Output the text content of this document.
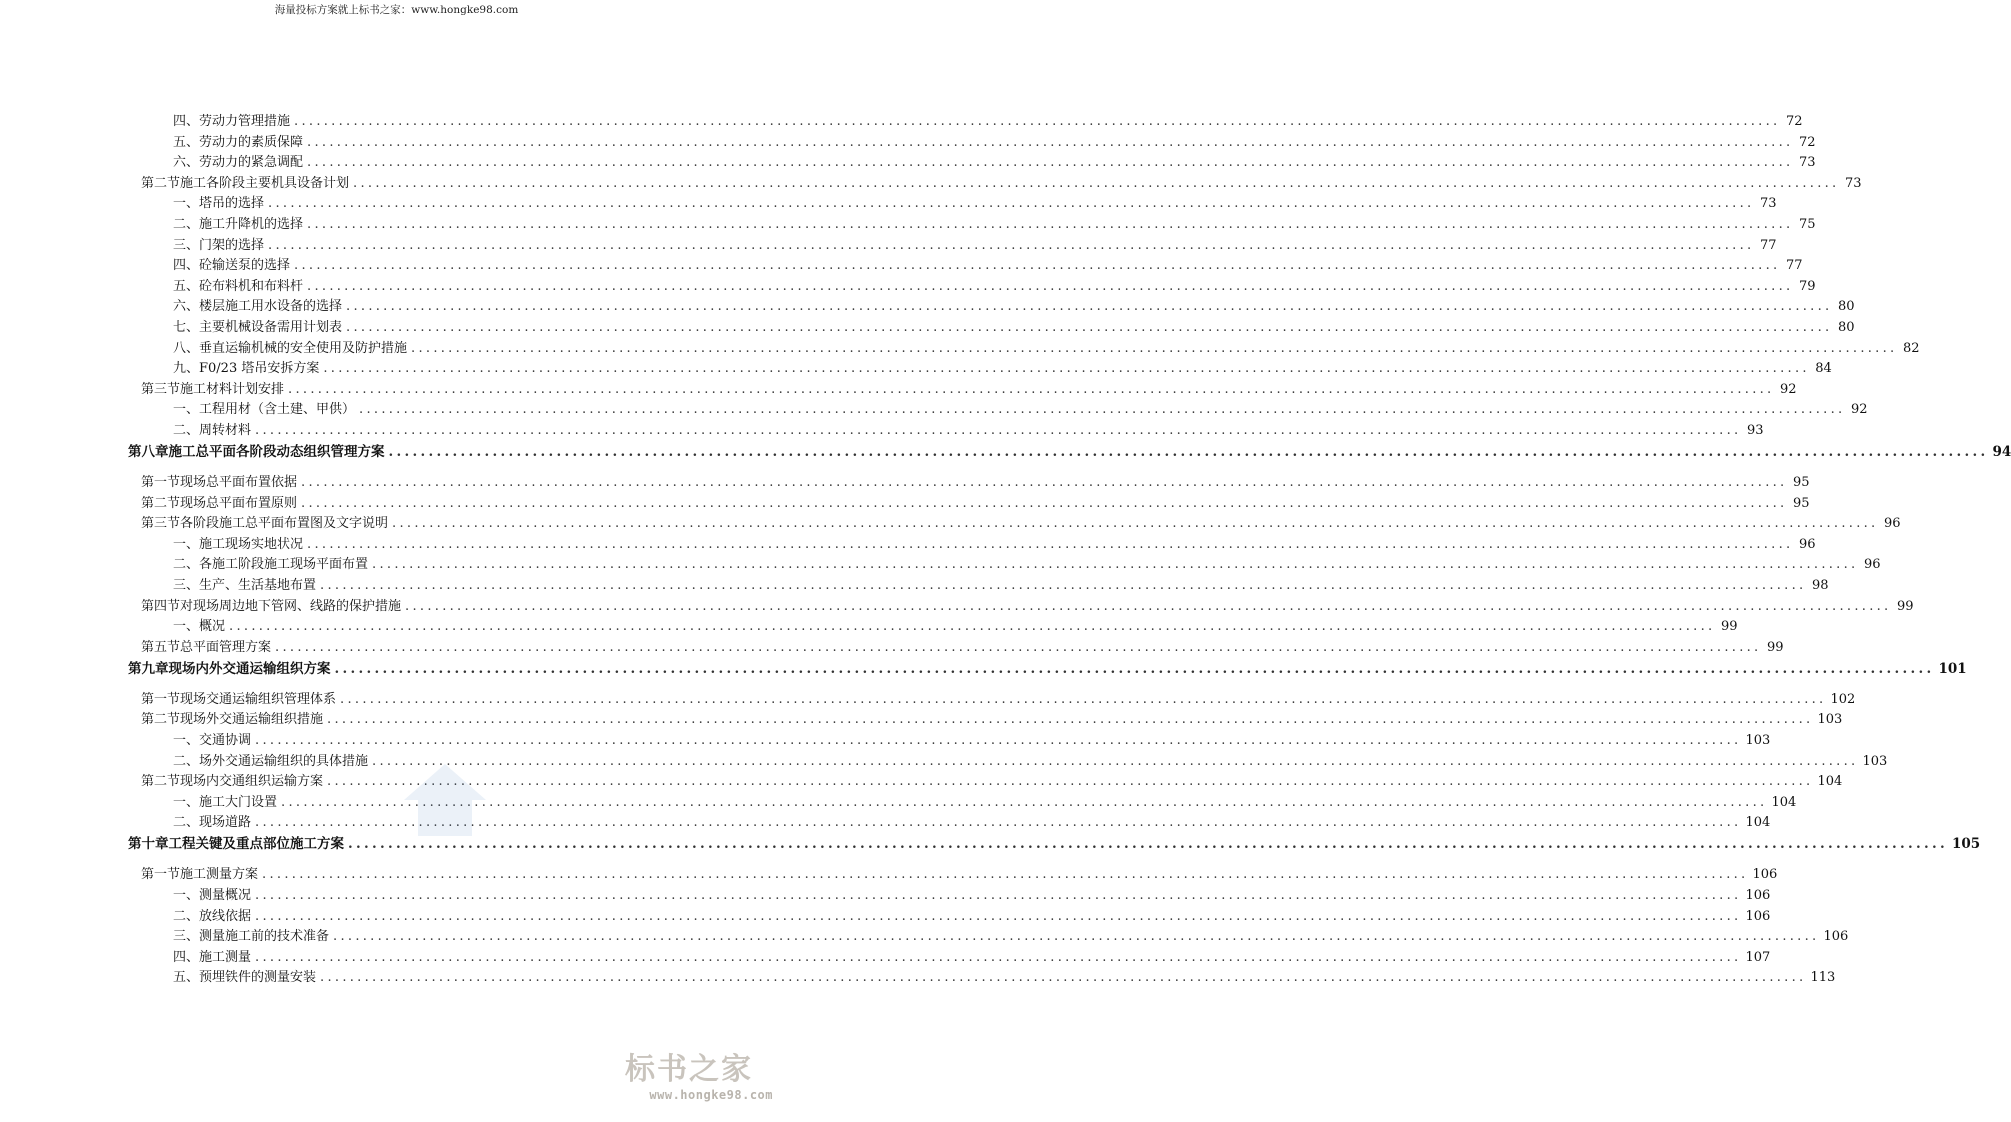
海量投标方案就上标书之家：www.hongke98.com
四、劳动力管理措施 ........................................................................................................................................................................................................ 72
五、劳动力的素质保障 ........................................................................................................................................................................................................ 72
六、劳动力的紧急调配 ........................................................................................................................................................................................................ 73
第二节 施工各阶段主要机具设备计划 ........................................................................................................................................................................................................ 73
一、塔吊的选择 ........................................................................................................................................................................................................ 73
二、施工升降机的选择 ........................................................................................................................................................................................................ 75
三、门架的选择 ........................................................................................................................................................................................................ 77
四、砼输送泵的选择 ........................................................................................................................................................................................................ 77
五、砼布料机和布料杆 ........................................................................................................................................................................................................ 79
六、楼层施工用水设备的选择 ........................................................................................................................................................................................................ 80
七、主要机械设备需用计划表 ........................................................................................................................................................................................................ 80
八、垂直运输机械的安全使用及防护措施 ........................................................................................................................................................................................................ 82
九、F0/23 塔吊安拆方案 ........................................................................................................................................................................................................ 84
第三节 施工材料计划安排 ........................................................................................................................................................................................................ 92
一、工程用材（含土建、甲供） ........................................................................................................................................................................................................ 92
二、周转材料 ........................................................................................................................................................................................................ 93
第八章 施工总平面各阶段动态组织管理方案 ........................................................................................................................................................................................................ 94
第一节 现场总平面布置依据 ........................................................................................................................................................................................................ 95
第二节 现场总平面布置原则 ........................................................................................................................................................................................................ 95
第三节 各阶段施工总平面布置图及文字说明 ........................................................................................................................................................................................................ 96
一、施工现场实地状况 ........................................................................................................................................................................................................ 96
二、各施工阶段施工现场平面布置 ........................................................................................................................................................................................................ 96
三、生产、生活基地布置 ........................................................................................................................................................................................................ 98
第四节 对现场周边地下管网、线路的保护措施 ........................................................................................................................................................................................................ 99
一、概况 ........................................................................................................................................................................................................ 99
第五节 总平面管理方案 ........................................................................................................................................................................................................ 99
第九章 现场内外交通运输组织方案 ........................................................................................................................................................................................................ 101
第一节 现场交通运输组织管理体系 ........................................................................................................................................................................................................ 102
第二节 现场外交通运输组织措施 ........................................................................................................................................................................................................ 103
一、交通协调 ........................................................................................................................................................................................................ 103
二、场外交通运输组织的具体措施 ........................................................................................................................................................................................................ 103
第二节 现场内交通组织运输方案 ........................................................................................................................................................................................................ 104
一、施工大门设置 ........................................................................................................................................................................................................ 104
二、现场道路 ........................................................................................................................................................................................................ 104
第十章 工程关键及重点部位施工方案 ........................................................................................................................................................................................................ 105
第一节 施工测量方案 ........................................................................................................................................................................................................ 106
一、测量概况 ........................................................................................................................................................................................................ 106
二、放线依据 ........................................................................................................................................................................................................ 106
三、测量施工前的技术准备 ........................................................................................................................................................................................................ 106
四、施工测量 ........................................................................................................................................................................................................ 107
五、预埋铁件的测量安装 ........................................................................................................................................................................................................ 113
标书之家
www.hongke98.com
